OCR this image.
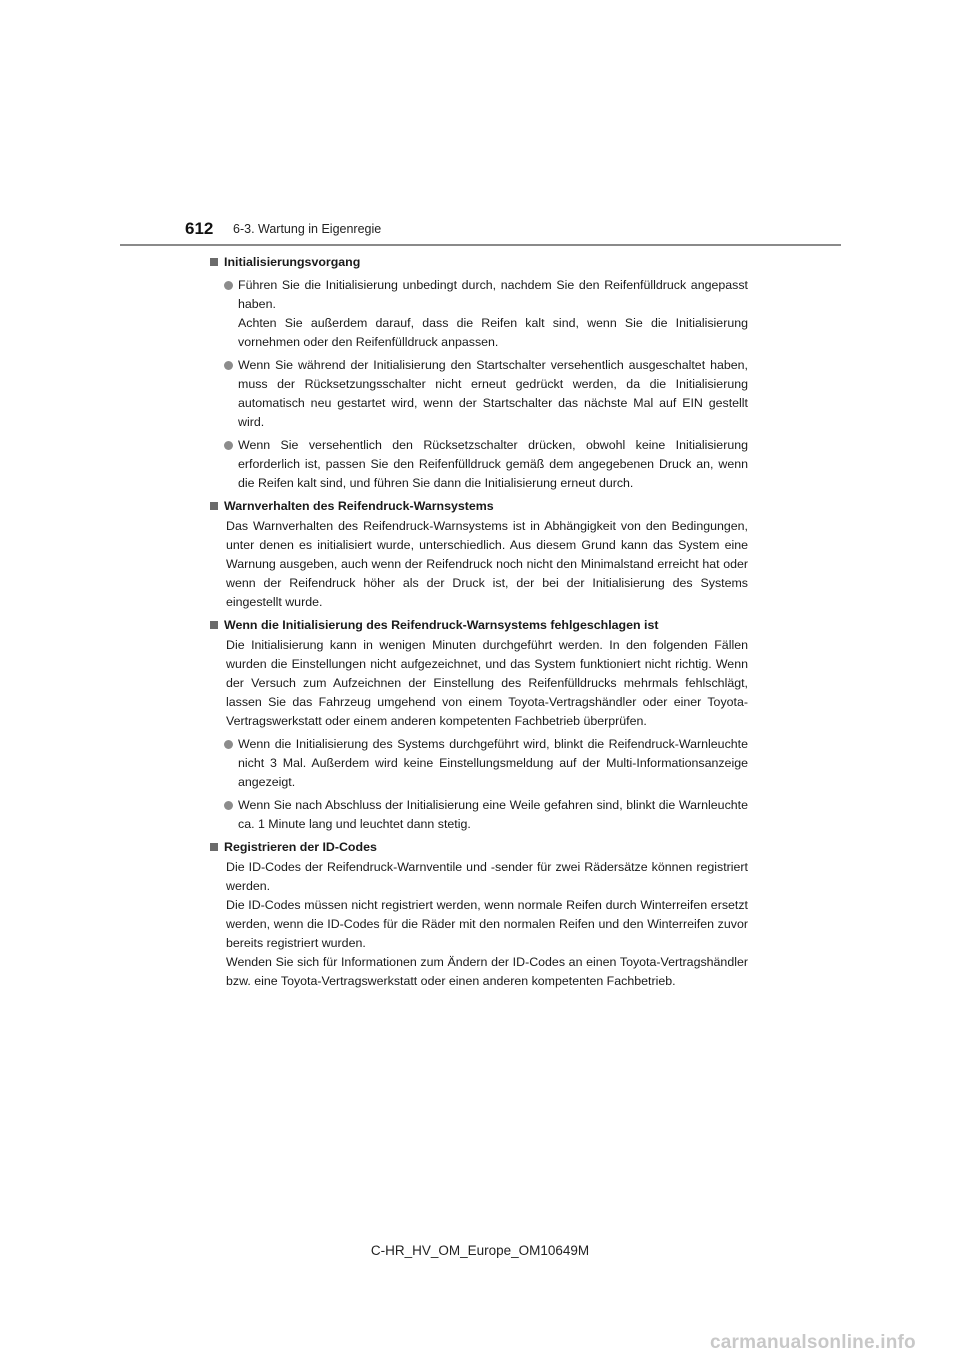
612 6-3. Wartung in Eigenregie
Initialisierungsvorgang

Führen Sie die Initialisierung unbedingt durch, nachdem Sie den Reifenfülldruck angepasst haben.

Achten Sie außerdem darauf, dass die Reifen kalt sind, wenn Sie die Initialisierung vornehmen oder den Reifenfülldruck anpassen.

Wenn Sie während der Initialisierung den Startschalter versehentlich ausgeschaltet haben, muss der Rücksetzungsschalter nicht erneut gedrückt werden, da die Initialisierung automatisch neu gestartet wird, wenn der Startschalter das nächste Mal auf EIN gestellt wird.

Wenn Sie versehentlich den Rücksetzschalter drücken, obwohl keine Initialisierung erforderlich ist, passen Sie den Reifenfülldruck gemäß dem angegebenen Druck an, wenn die Reifen kalt sind, und führen Sie dann die Initialisierung erneut durch.

Warnverhalten des Reifendruck-Warnsystems

Das Warnverhalten des Reifendruck-Warnsystems ist in Abhängigkeit von den Bedingungen, unter denen es initialisiert wurde, unterschiedlich. Aus diesem Grund kann das System eine Warnung ausgeben, auch wenn der Reifendruck noch nicht den Minimalstand erreicht hat oder wenn der Reifendruck höher als der Druck ist, der bei der Initialisierung des Systems eingestellt wurde.

Wenn die Initialisierung des Reifendruck-Warnsystems fehlgeschlagen ist

Die Initialisierung kann in wenigen Minuten durchgeführt werden. In den folgenden Fällen wurden die Einstellungen nicht aufgezeichnet, und das System funktioniert nicht richtig. Wenn der Versuch zum Aufzeichnen der Einstellung des Reifenfülldrucks mehrmals fehlschlägt, lassen Sie das Fahrzeug umgehend von einem Toyota-Vertragshändler oder einer Toyota-Vertragswerkstatt oder einem anderen kompetenten Fachbetrieb überprüfen.

Wenn die Initialisierung des Systems durchgeführt wird, blinkt die Reifendruck-Warnleuchte nicht 3 Mal. Außerdem wird keine Einstellungsmeldung auf der Multi-Informationsanzeige angezeigt.

Wenn Sie nach Abschluss der Initialisierung eine Weile gefahren sind, blinkt die Warnleuchte ca. 1 Minute lang und leuchtet dann stetig.

Registrieren der ID-Codes

Die ID-Codes der Reifendruck-Warnventile und -sender für zwei Rädersätze können registriert werden.

Die ID-Codes müssen nicht registriert werden, wenn normale Reifen durch Winterreifen ersetzt werden, wenn die ID-Codes für die Räder mit den normalen Reifen und den Winterreifen zuvor bereits registriert wurden.

Wenden Sie sich für Informationen zum Ändern der ID-Codes an einen Toyota-Vertragshändler bzw. eine Toyota-Vertragswerkstatt oder einen anderen kompetenten Fachbetrieb.

C-HR_HV_OM_Europe_OM10649M
carmanualsonline.info
